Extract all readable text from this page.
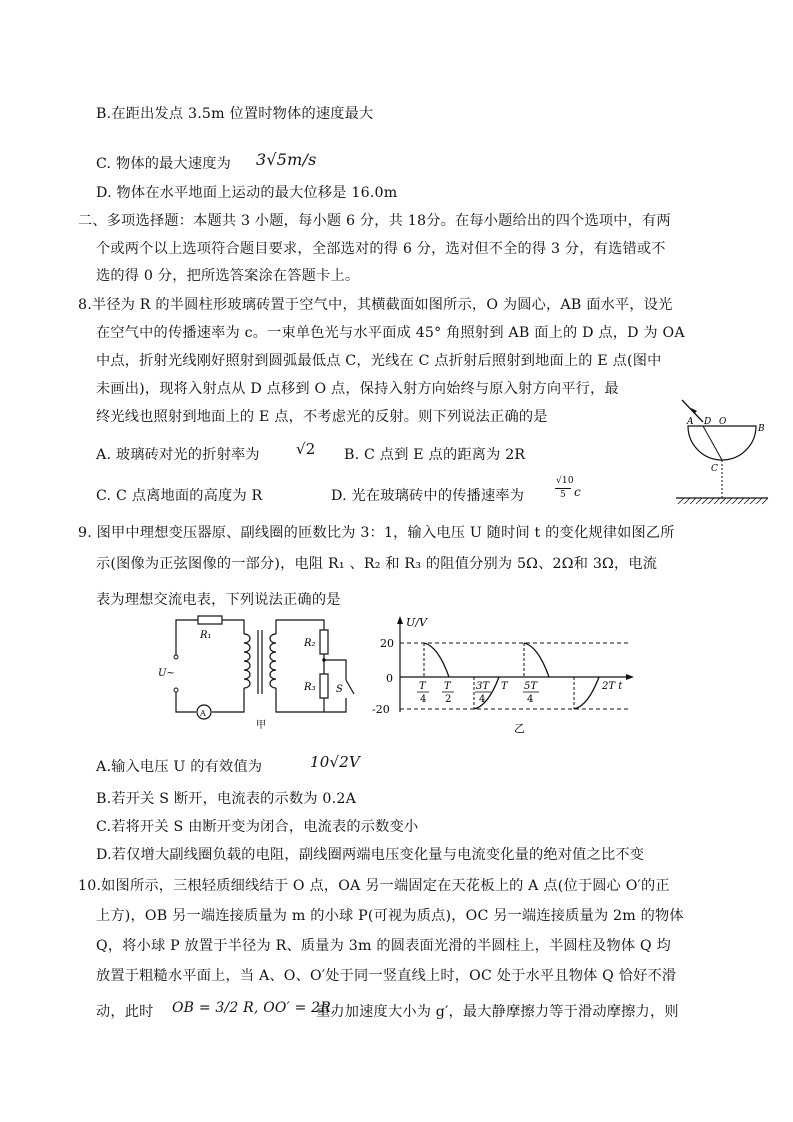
B.在距出发点 3.5m 位置时物体的速度最大
C. 物体的最大速度为 3√5m/s
D. 物体在水平地面上运动的最大位移是 16.0m
二、多项选择题：本题共 3 小题，每小题 6 分，共 18分。在每小题给出的四个选项中，有两
个或两个以上选项符合题目要求，全部选对的得 6 分，选对但不全的得 3 分，有选错或不
选的得 0 分，把所选答案涂在答题卡上。
8.半径为 R 的半圆柱形玻璃砖置于空气中，其横截面如图所示，O 为圆心，AB 面水平，设光
在空气中的传播速率为 c。一束单色光与水平面成 45° 角照射到 AB 面上的 D 点，D 为 OA
中点，折射光线刚好照射到圆弧最低点 C，光线在 C 点折射后照射到地面上的 E 点(图中
未画出)，现将入射点从 D 点移到 O 点，保持入射方向始终与原入射方向平行，最
终光线也照射到地面上的 E 点，不考虑光的反射。则下列说法正确的是
A. 玻璃砖对光的折射率为 √2 B. C 点到 E 点的距离为 2R
C. C 点离地面的高度为 R	D. 光在玻璃砖中的传播速率为
√10
5 c
A D O
B
C
9. 图甲中理想变压器原、副线圈的匝数比为 3：1，输入电压 U 随时间 t 的变化规律如图乙所
示(图像为正弦图像的一部分)，电阻 R₁ 、R₂ 和 R₃ 的阻值分别为 5Ω、2Ω和 3Ω，电流
表为理想交流电表，下列说法正确的是
R₁
R₂
R₃ S
U~
A
甲
U/V
20
0
-20
T
4
T
2
3T
4
T 5T
4
2T t
乙
A.输入电压 U 的有效值为	10√2V
B.若开关 S 断开，电流表的示数为 0.2A
C.若将开关 S 由断开变为闭合，电流表的示数变小
D.若仅增大副线圈负载的电阻，副线圈两端电压变化量与电流变化量的绝对值之比不变
10.如图所示，三根轻质细线结于 O 点，OA 另一端固定在天花板上的 A 点(位于圆心 O′的正
上方)，OB 另一端连接质量为 m 的小球 P(可视为质点)，OC 另一端连接质量为 2m 的物体
Q，将小球 P 放置于半径为 R、质量为 3m 的圆表面光滑的半圆柱上，半圆柱及物体 Q 均
放置于粗糙水平面上，当 A、O、O′处于同一竖直线上时，OC 处于水平且物体 Q 恰好不滑
动，此时 OB = 3/2 R, OO′ = 2R,
重力加速度大小为 g′，最大静摩擦力等于滑动摩擦力，则
